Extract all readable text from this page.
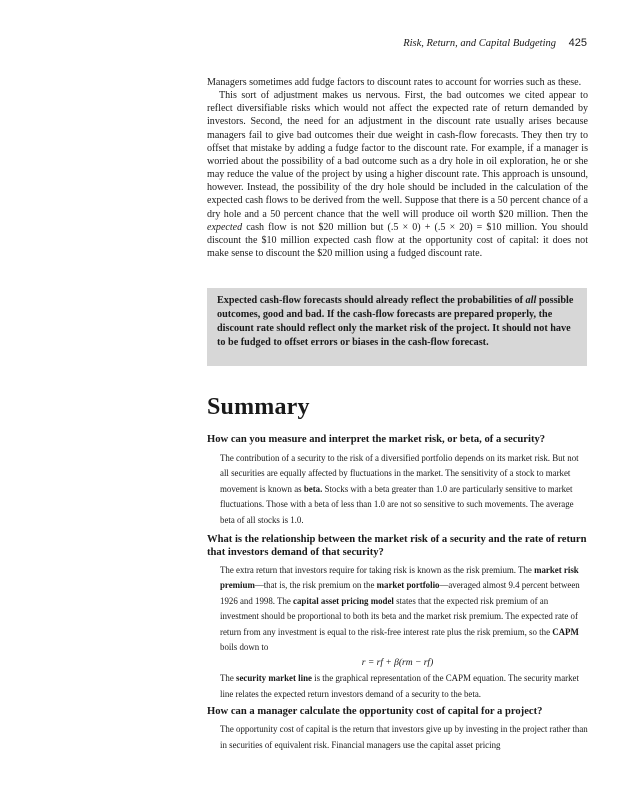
Risk, Return, and Capital Budgeting 425

Managers sometimes add fudge factors to discount rates to account for worries such as these.

This sort of adjustment makes us nervous. First, the bad outcomes we cited appear to reflect diversifiable risks which would not affect the expected rate of return demanded by investors. Second, the need for an adjustment in the discount rate usually arises because managers fail to give bad outcomes their due weight in cash-flow forecasts. They then try to offset that mistake by adding a fudge factor to the discount rate. For example, if a manager is worried about the possibility of a bad outcome such as a dry hole in oil exploration, he or she may reduce the value of the project by using a higher discount rate. This approach is unsound, however. Instead, the possibility of the dry hole should be included in the calculation of the expected cash flows to be derived from the well. Suppose that there is a 50 percent chance of a dry hole and a 50 percent chance that the well will produce oil worth $20 million. Then the expected cash flow is not $20 million but (.5 × 0) + (.5 × 20) = $10 million. You should discount the $10 million expected cash flow at the opportunity cost of capital: it does not make sense to discount the $20 million using a fudged discount rate.

Expected cash-flow forecasts should already reflect the probabilities of all possible outcomes, good and bad. If the cash-flow forecasts are prepared properly, the discount rate should reflect only the market risk of the project. It should not have to be fudged to offset errors or biases in the cash-flow forecast.
Summary

How can you measure and interpret the market risk, or beta, of a security?

The contribution of a security to the risk of a diversified portfolio depends on its market risk. But not all securities are equally affected by fluctuations in the market. The sensitivity of a stock to market movement is known as beta. Stocks with a beta greater than 1.0 are particularly sensitive to market fluctuations. Those with a beta of less than 1.0 are not so sensitive to such movements. The average beta of all stocks is 1.0.

What is the relationship between the market risk of a security and the rate of return that investors demand of that security?

The extra return that investors require for taking risk is known as the risk premium. The market risk premium—that is, the risk premium on the market portfolio—averaged almost 9.4 percent between 1926 and 1998. The capital asset pricing model states that the expected risk premium of an investment should be proportional to both its beta and the market risk premium. The expected rate of return from any investment is equal to the risk-free interest rate plus the risk premium, so the CAPM boils down to

r = rf + β(rm − rf)

The security market line is the graphical representation of the CAPM equation. The security market line relates the expected return investors demand of a security to the beta.

How can a manager calculate the opportunity cost of capital for a project?

The opportunity cost of capital is the return that investors give up by investing in the project rather than in securities of equivalent risk. Financial managers use the capital asset pricing
